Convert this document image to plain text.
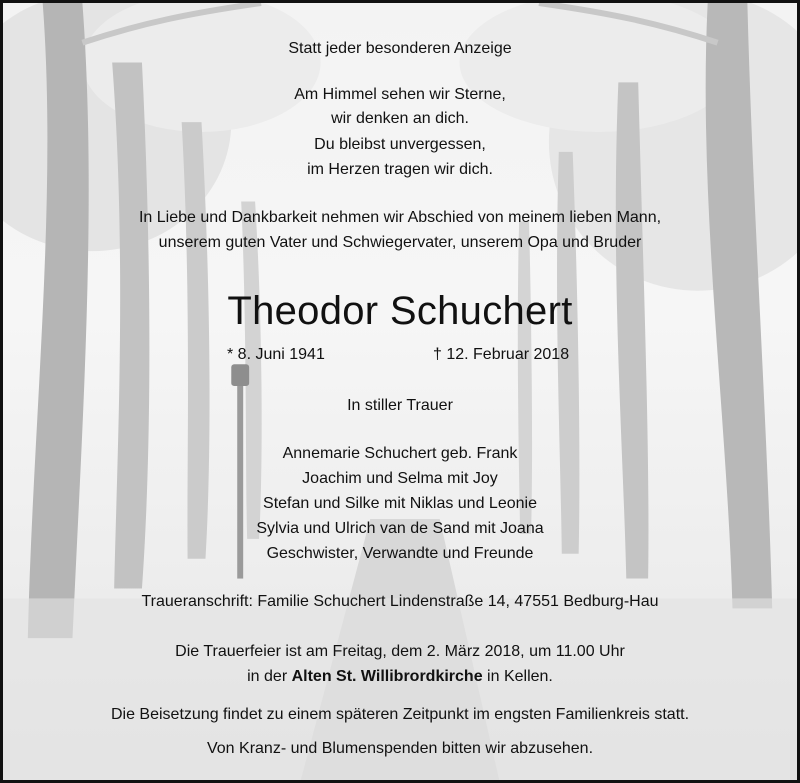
Statt jeder besonderen Anzeige
Am Himmel sehen wir Sterne,
wir denken an dich.
Du bleibst unvergessen,
im Herzen tragen wir dich.
In Liebe und Dankbarkeit nehmen wir Abschied von meinem lieben Mann,
unserem guten Vater und Schwiegervater, unserem Opa und Bruder
Theodor Schuchert
* 8. Juni 1941	† 12. Februar 2018
In stiller Trauer
Annemarie Schuchert geb. Frank
Joachim und Selma mit Joy
Stefan und Silke mit Niklas und Leonie
Sylvia und Ulrich van de Sand mit Joana
Geschwister, Verwandte und Freunde
Traueranschrift: Familie Schuchert Lindenstraße 14, 47551 Bedburg-Hau
Die Trauerfeier ist am Freitag, dem 2. März 2018, um 11.00 Uhr
in der Alten St. Willibrordkirche in Kellen.
Die Beisetzung findet zu einem späteren Zeitpunkt im engsten Familienkreis statt.
Von Kranz- und Blumenspenden bitten wir abzusehen.
